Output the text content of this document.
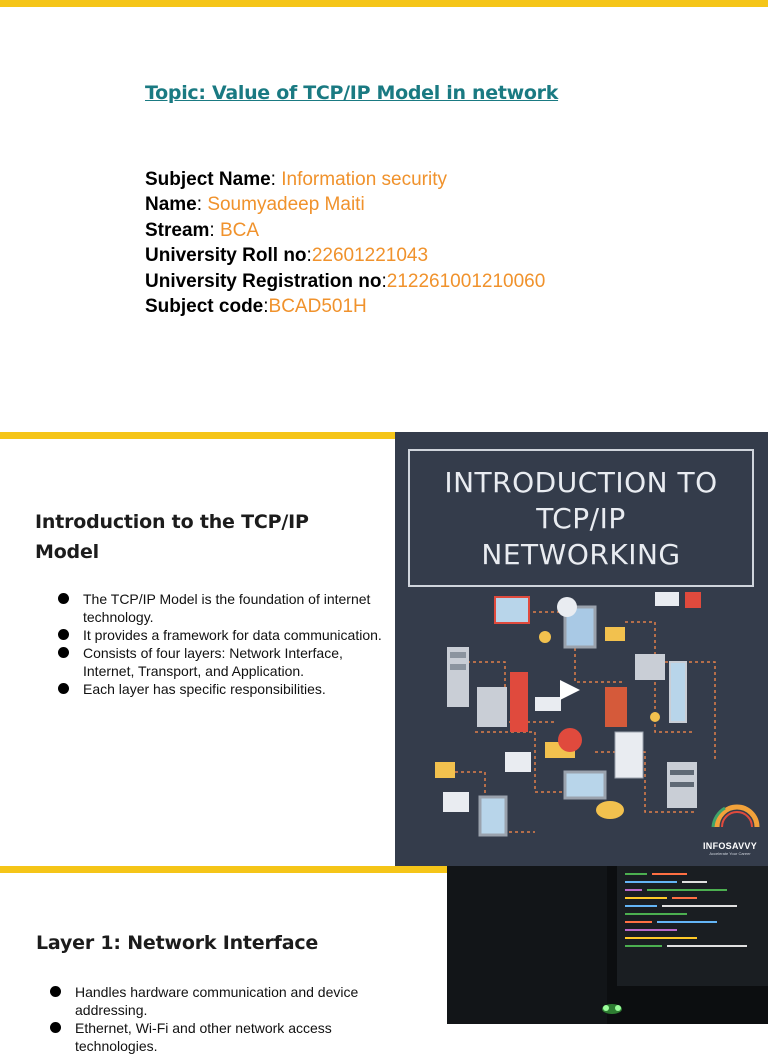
Topic: Value of TCP/IP Model in network
Subject Name: Information security
Name: Soumyadeep Maiti
Stream: BCA
University Roll no:22601221043
University Registration no:212261001210060
Subject code:BCAD501H
Introduction to the TCP/IP
Model
The TCP/IP Model is the foundation of internet technology.
It provides a framework for data communication.
Consists of four layers: Network Interface, Internet, Transport, and Application.
Each layer has specific responsibilities.
INTRODUCTION TO
TCP/IP
NETWORKING
INFOSAVVY
Accelerate Your Career
Layer 1: Network Interface
Handles hardware communication and device addressing.
Ethernet, Wi-Fi and other network access technologies.
